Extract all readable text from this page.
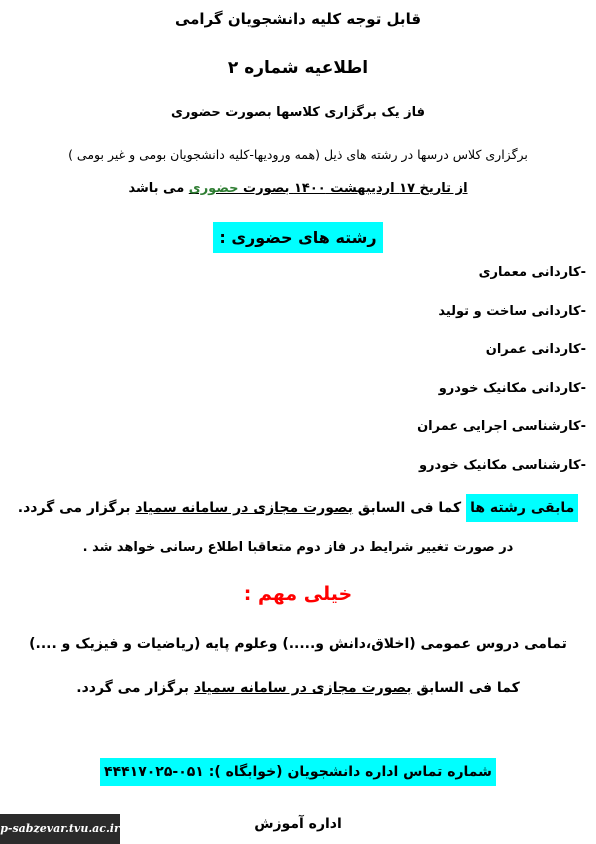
قابل توجه کلیه دانشجویان گرامی
اطلاعیه شماره ۲
فاز یک برگزاری کلاسها بصورت حضوری
برگزاری کلاس درسها در رشته های ذیل (همه ورودیها-کلیه دانشجویان بومی و غیر بومی )
از تاریخ ۱۷ اردیبهشت ۱۴۰۰ بصورت حضوری می باشد
رشته های حضوری :
-کاردانی معماری
-کاردانی ساخت و تولید
-کاردانی عمران
-کاردانی مکانیک خودرو
-کارشناسی اجرایی عمران
-کارشناسی مکانیک خودرو
مابقی رشته ها کما فی السابق بصورت مجازی در سامانه سمیاد برگزار می گردد.
در صورت تغییر شرایط در فاز دوم متعاقبا اطلاع رسانی خواهد شد .
خیلی مهم :
تمامی دروس عمومی (اخلاق،دانش و.....) وعلوم پایه (ریاضیات و فیزیک و ....)
کما فی السابق بصورت مجازی در سامانه سمیاد برگزار می گردد.
شماره تماس اداره دانشجویان (خوابگاه ): ۰۵۱-۴۴۴۱۷۰۲۵
اداره آموزش
p-sabzevar.tvu.ac.ir
